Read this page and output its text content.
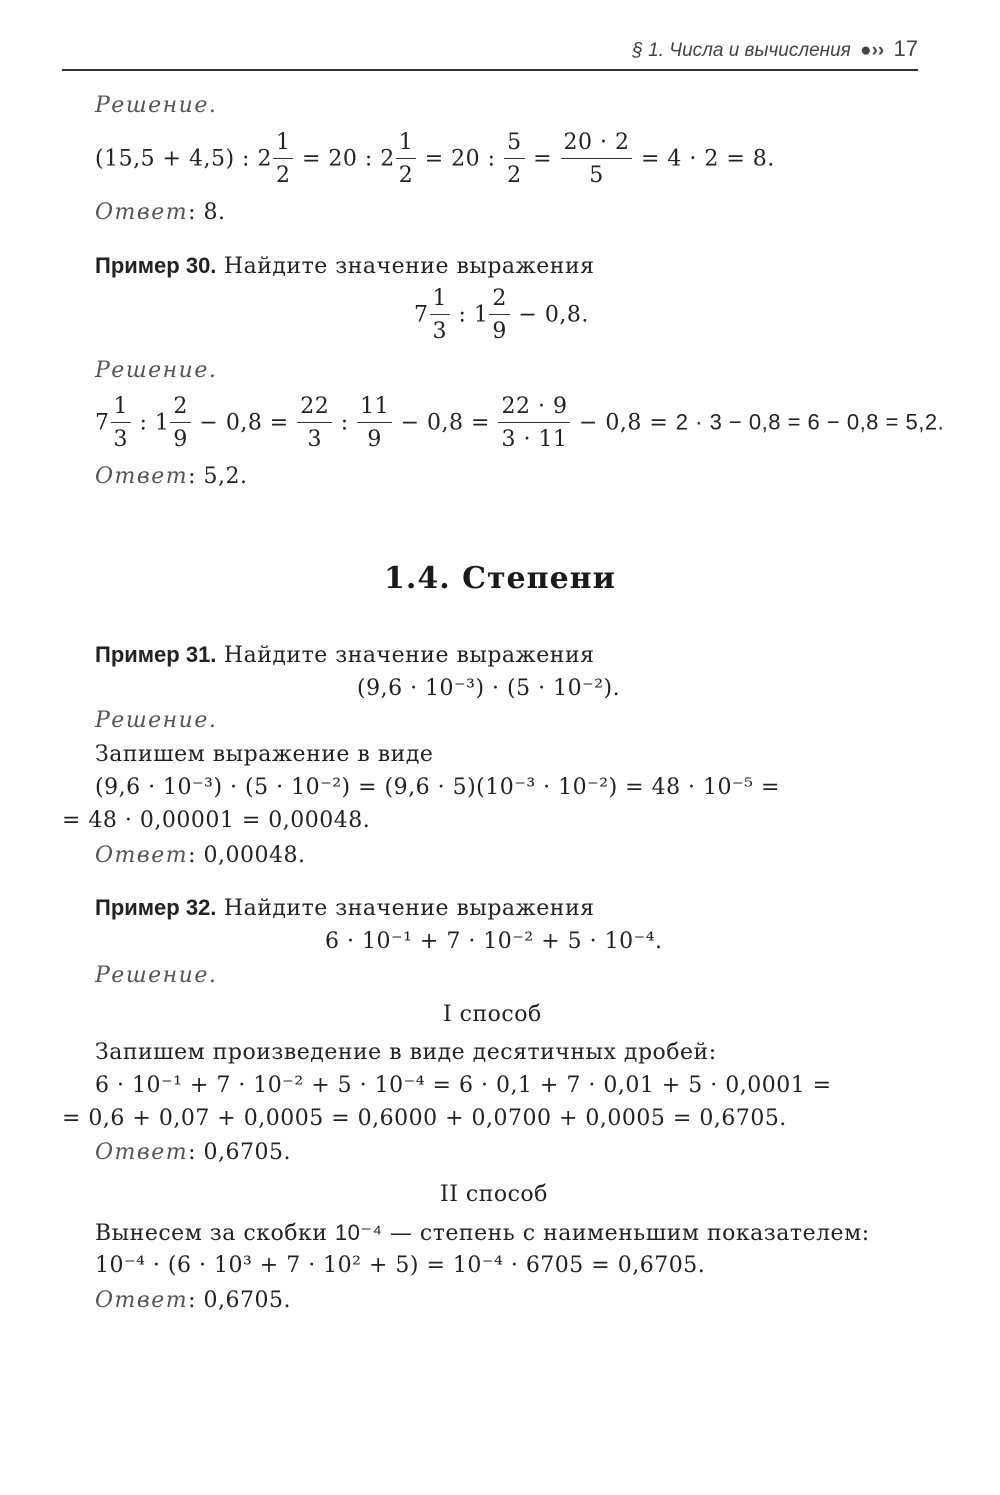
§ 1. Числа и вычисления ●›› 17
Решение.
(15,5 + 4,5) : $2 \frac{1}{2} = 20$ : $2 \frac{1}{2} = 20$ : $\frac{5}{2} = \frac{20 \cdot 2}{5} = 4 \cdot 2 = 8$.
Ответ: 8.
Пример 30. Найдите значение выражения
$7 \frac{1}{3}$ : $1 \frac{2}{9} - 0,8$.
Решение.
$7 \frac{1}{3}$ : $1 \frac{2}{9} - 0,8 = \frac{22}{3}$ : $\frac{11}{9} - 0,8 = \frac{22 \cdot 9}{3 \cdot 11} - 0,8 = 2 \cdot 3 - 0,8 = 6 - 0,8 = 5,2$.
Ответ: 5,2.
1.4. Степени
Пример 31. Найдите значение выражения
(9,6 · 10⁻³) · (5 · 10⁻²).
Решение.
Запишем выражение в виде
(9,6 · 10⁻³) · (5 · 10⁻²) = (9,6 · 5)(10⁻³ · 10⁻²) = 48 · 10⁻⁵ =
= 48 · 0,00001 = 0,00048.
Ответ: 0,00048.
Пример 32. Найдите значение выражения
6 · 10⁻¹ + 7 · 10⁻² + 5 · 10⁻⁴.
Решение.
I способ
Запишем произведение в виде десятичных дробей:
6 · 10⁻¹ + 7 · 10⁻² + 5 · 10⁻⁴ = 6 · 0,1 + 7 · 0,01 + 5 · 0,0001 =
= 0,6 + 0,07 + 0,0005 = 0,6000 + 0,0700 + 0,0005 = 0,6705.
Ответ: 0,6705.
II способ
Вынесем за скобки 10⁻⁴ — степень с наименьшим показателем:
10⁻⁴ · (6 · 10³ + 7 · 10² + 5) = 10⁻⁴ · 6705 = 0,6705.
Ответ: 0,6705.
